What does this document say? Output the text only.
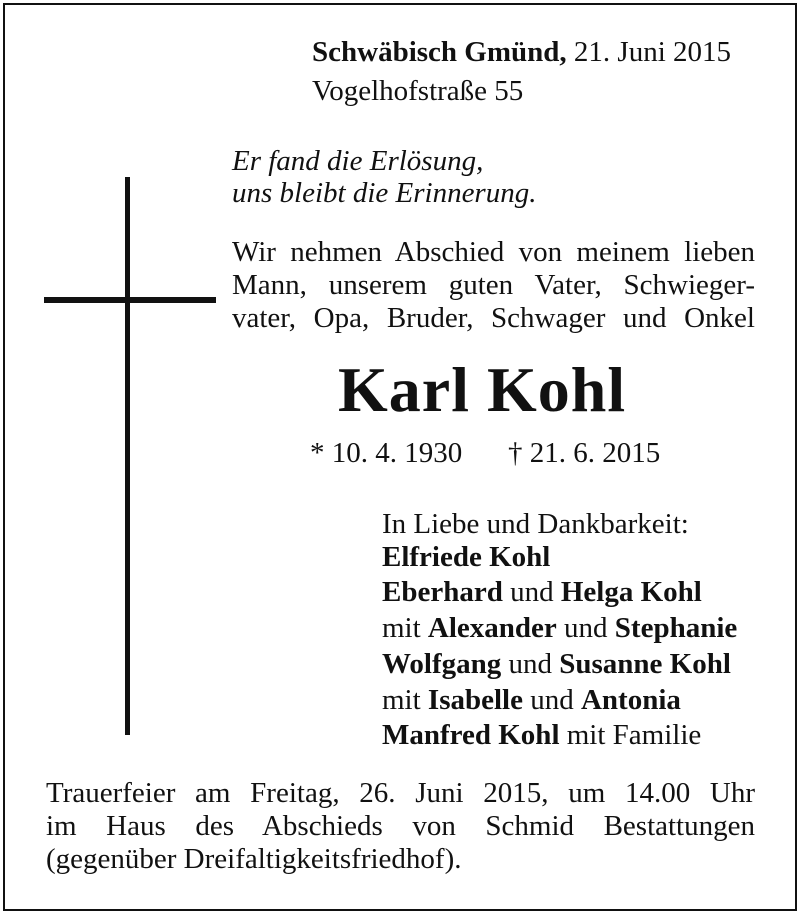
Schwäbisch Gmünd, 21. Juni 2015
Vogelhofstraße 55
Er fand die Erlösung,
uns bleibt die Erinnerung.
Wir nehmen Abschied von meinem lieben
Mann, unserem guten Vater, Schwieger-
vater, Opa, Bruder, Schwager und Onkel
Karl Kohl
* 10. 4. 1930 † 21. 6. 2015
In Liebe und Dankbarkeit:
Elfriede Kohl
Eberhard und Helga Kohl
mit Alexander und Stephanie
Wolfgang und Susanne Kohl
mit Isabelle und Antonia
Manfred Kohl mit Familie
Trauerfeier am Freitag, 26. Juni 2015, um 14.00 Uhr
im Haus des Abschieds von Schmid Bestattungen
(gegenüber Dreifaltigkeitsfriedhof).
